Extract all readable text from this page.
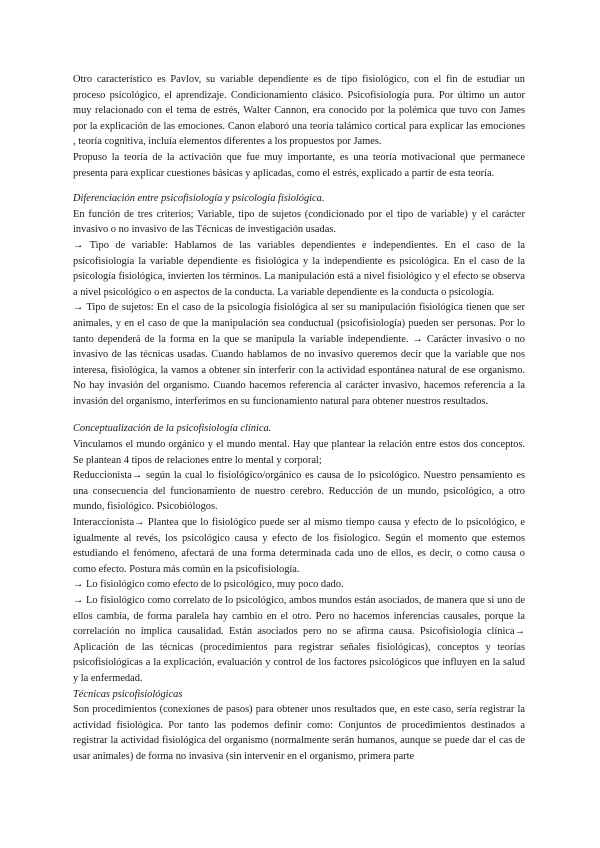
Otro característico es Pavlov, su variable dependiente es de tipo fisiológico, con el fin de estudiar un proceso psicológico, el aprendizaje. Condicionamiento clásico. Psicofisiología pura. Por último un autor muy relacionado con el tema de estrés, Walter Cannon, era conocido por la polémica que tuvo con James por la explicación de las emociones. Canon elaboró una teoría talámico cortical para explicar las emociones , teoría cognitiva, incluía elementos diferentes a los propuestos por James.

Propuso la teoría de la activación que fue muy importante, es una teoría motivacional que permanece presenta para explicar cuestiones básicas y aplicadas, como el estrés, explicado a partir de esta teoría.

Diferenciación entre psicofisiología y psicología fisiológica.

En función de tres criterios; Variable, tipo de sujetos (condicionado por el tipo de variable) y el carácter invasivo o no invasivo de las Técnicas de investigación usadas.

→ Tipo de variable: Hablamos de las variables dependientes e independientes. En el caso de la psicofisiología la variable dependiente es fisiológica y la independiente es psicológica. En el caso de la psicología fisiológica, invierten los términos. La manipulación está a nivel fisiológico y el efecto se observa a nivel psicológico o en aspectos de la conducta. La variable dependiente es la conducta o psicología.

→ Tipo de sujetos: En el caso de la psicología fisiológica al ser su manipulación fisiológica tienen que ser animales, y en el caso de que la manipulación sea conductual (psicofisiología) pueden ser personas. Por lo tanto dependerá de la forma en la que se manipula la variable independiente. → Carácter invasivo o no invasivo de las técnicas usadas. Cuando hablamos de no invasivo queremos decir que la variable que nos interesa, fisiológica, la vamos a obtener sin interferir con la actividad espontánea natural de ese organismo. No hay invasión del organismo. Cuando hacemos referencia al carácter invasivo, hacemos referencia a la invasión del organismo, interferimos en su funcionamiento natural para obtener nuestros resultados.

Conceptualización de la psicofisiología clínica.

Vinculamos el mundo orgánico y el mundo mental. Hay que plantear la relación entre estos dos conceptos. Se plantean 4 tipos de relaciones entre lo mental y corporal;

Reduccionista→ según la cual lo fisiológico/orgánico es causa de lo psicológico. Nuestro pensamiento es una consecuencia del funcionamiento de nuestro cerebro. Reducción de un mundo, psicológico, a otro mundo, fisiológico. Psicobiólogos.

Interaccionista→ Plantea que lo fisiológico puede ser al mismo tiempo causa y efecto de lo psicológico, e igualmente al revés, los psicológico causa y efecto de los fisiologico. Según el momento que estemos estudiando el fenómeno, afectará de una forma determinada cada uno de ellos, es decir, o como causa o como efecto. Postura más común en la psicofisiología.

→ Lo fisiológico como efecto de lo psicológico, muy poco dado.

→ Lo fisiológico como correlato de lo psicológico, ambos mundos están asociados, de manera que si uno de ellos cambia, de forma paralela hay cambio en el otro. Pero no hacemos inferencias causales, porque la correlación no implica causalidad. Están asociados pero no se afirma causa. Psicofisiología clínica→ Aplicación de las técnicas (procedimientos para registrar señales fisiológicas), conceptos y teorías psicofisiológicas a la explicación, evaluación y control de los factores psicológicos que influyen en la salud y la enfermedad.

Técnicas psicofisiológicas

Son procedimientos (conexiones de pasos) para obtener unos resultados que, en este caso, sería registrar la actividad fisiológica. Por tanto las podemos definir como: Conjuntos de procedimientos destinados a registrar la actividad fisiológica del organismo (normalmente serán humanos, aunque se puede dar el cas de usar animales) de forma no invasiva (sin intervenir en el organismo, primera parte
